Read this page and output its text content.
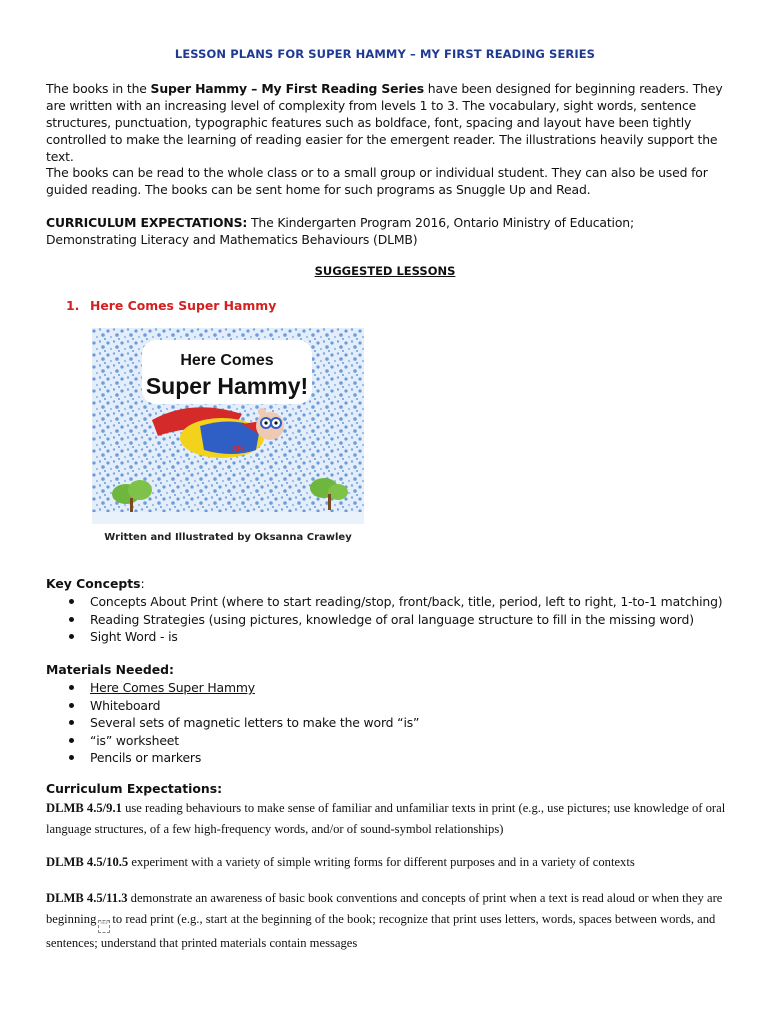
LESSON PLANS FOR SUPER HAMMY – MY FIRST READING SERIES

The books in the Super Hammy – My First Reading Series have been designed for beginning readers. They are written with an increasing level of complexity from levels 1 to 3. The vocabulary, sight words, sentence structures, punctuation, typographic features such as boldface, font, spacing and layout have been tightly controlled to make the learning of reading easier for the emergent reader. The illustrations heavily support the text.

The books can be read to the whole class or to a small group or individual student. They can also be used for guided reading. The books can be sent home for such programs as Snuggle Up and Read.

CURRICULUM EXPECTATIONS: The Kindergarten Program 2016, Ontario Ministry of Education; Demonstrating Literacy and Mathematics Behaviours (DLMB)

SUGGESTED LESSONS
1. Here Comes Super Hammy
Here Comes
Super Hammy!
SH
Written and Illustrated by Oksanna Crawley
Key Concepts:
Concepts About Print (where to start reading/stop, front/back, title, period, left to right, 1-to-1 matching)
Reading Strategies (using pictures, knowledge of oral language structure to fill in the missing word)
Sight Word - is
Materials Needed:
Here Comes Super Hammy
Whiteboard
Several sets of magnetic letters to make the word “is”
“is” worksheet
Pencils or markers
Curriculum Expectations:

DLMB 4.5/9.1 use reading behaviours to make sense of familiar and unfamiliar texts in print (e.g., use pictures; use knowledge of oral language structures, of a few high-frequency words, and/or of sound-symbol relationships)

DLMB 4.5/10.5 experiment with a variety of simple writing forms for different purposes and in a variety of contexts

DLMB 4.5/11.3 demonstrate an awareness of basic book conventions and concepts of print when a text is read aloud or when they are beginning SEP to read print (e.g., start at the beginning of the book; recognize that print uses letters, words, spaces between words, and sentences; understand that printed materials contain messages
